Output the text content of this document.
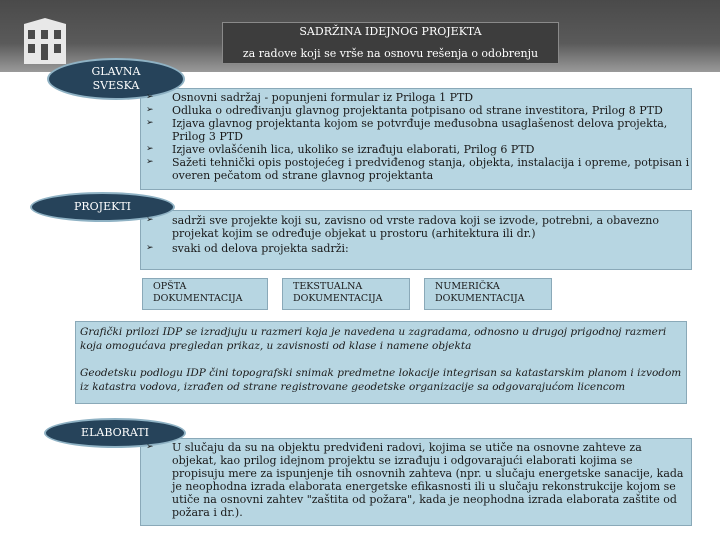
SADRŽINA IDEJNOG PROJEKTA
za radove koji se vrše na osnovu rešenja o odobrenju
GLAVNA
SVESKA
➢	Osnovni sadržaj - popunjeni formular iz Priloga 1 PTD
➢	Odluka o određivanju glavnog projektanta potpisano od strane investitora, Prilog 8 PTD
➢	Izjava glavnog projektanta kojom se potvrđuje međusobna usaglašenost delova projekta, Prilog 3 PTD
➢	Izjave ovlašćenih lica, ukoliko se izrađuju elaborati, Prilog 6 PTD
➢	Sažeti tehnički opis postojećeg i predviđenog stanja, objekta, instalacija i opreme, potpisan i overen pečatom od strane glavnog projektanta
PROJEKTI
➢	sadrži sve projekte koji su, zavisno od vrste radova koji se izvode, potrebni, a obavezno projekat kojim se određuje objekat u prostoru (arhitektura ili dr.)
➢	svaki od delova projekta sadrži:
OPŠTA
DOKUMENTACIJA
TEKSTUALNA
DOKUMENTACIJA
NUMERIČKA
DOKUMENTACIJA

Grafički prilozi IDP se izradjuju u razmeri koja je navedena u zagradama, odnosno u drugoj prigodnoj razmeri koja omogućava pregledan prikaz, u zavisnosti od klase i namene objekta

Geodetsku podlogu IDP čini topografski snimak predmetne lokacije integrisan sa katastarskim planom i izvodom iz katastra vodova, izrađen od strane registrovane geodetske organizacije sa odgovarajućom licencom

ELABORATI
➢	U slučaju da su na objektu predviđeni radovi, kojima se utiče na osnovne zahteve za objekat, kao prilog idejnom projektu se izrađuju i odgovarajući elaborati kojima se propisuju mere za ispunjenje tih osnovnih zahteva (npr. u slučaju energetske sanacije, kada je neophodna izrada elaborata energetske efikasnosti ili u slučaju rekonstrukcije kojom se utiče na osnovni zahtev "zaštita od požara", kada je neophodna izrada elaborata zaštite od požara i dr.).
